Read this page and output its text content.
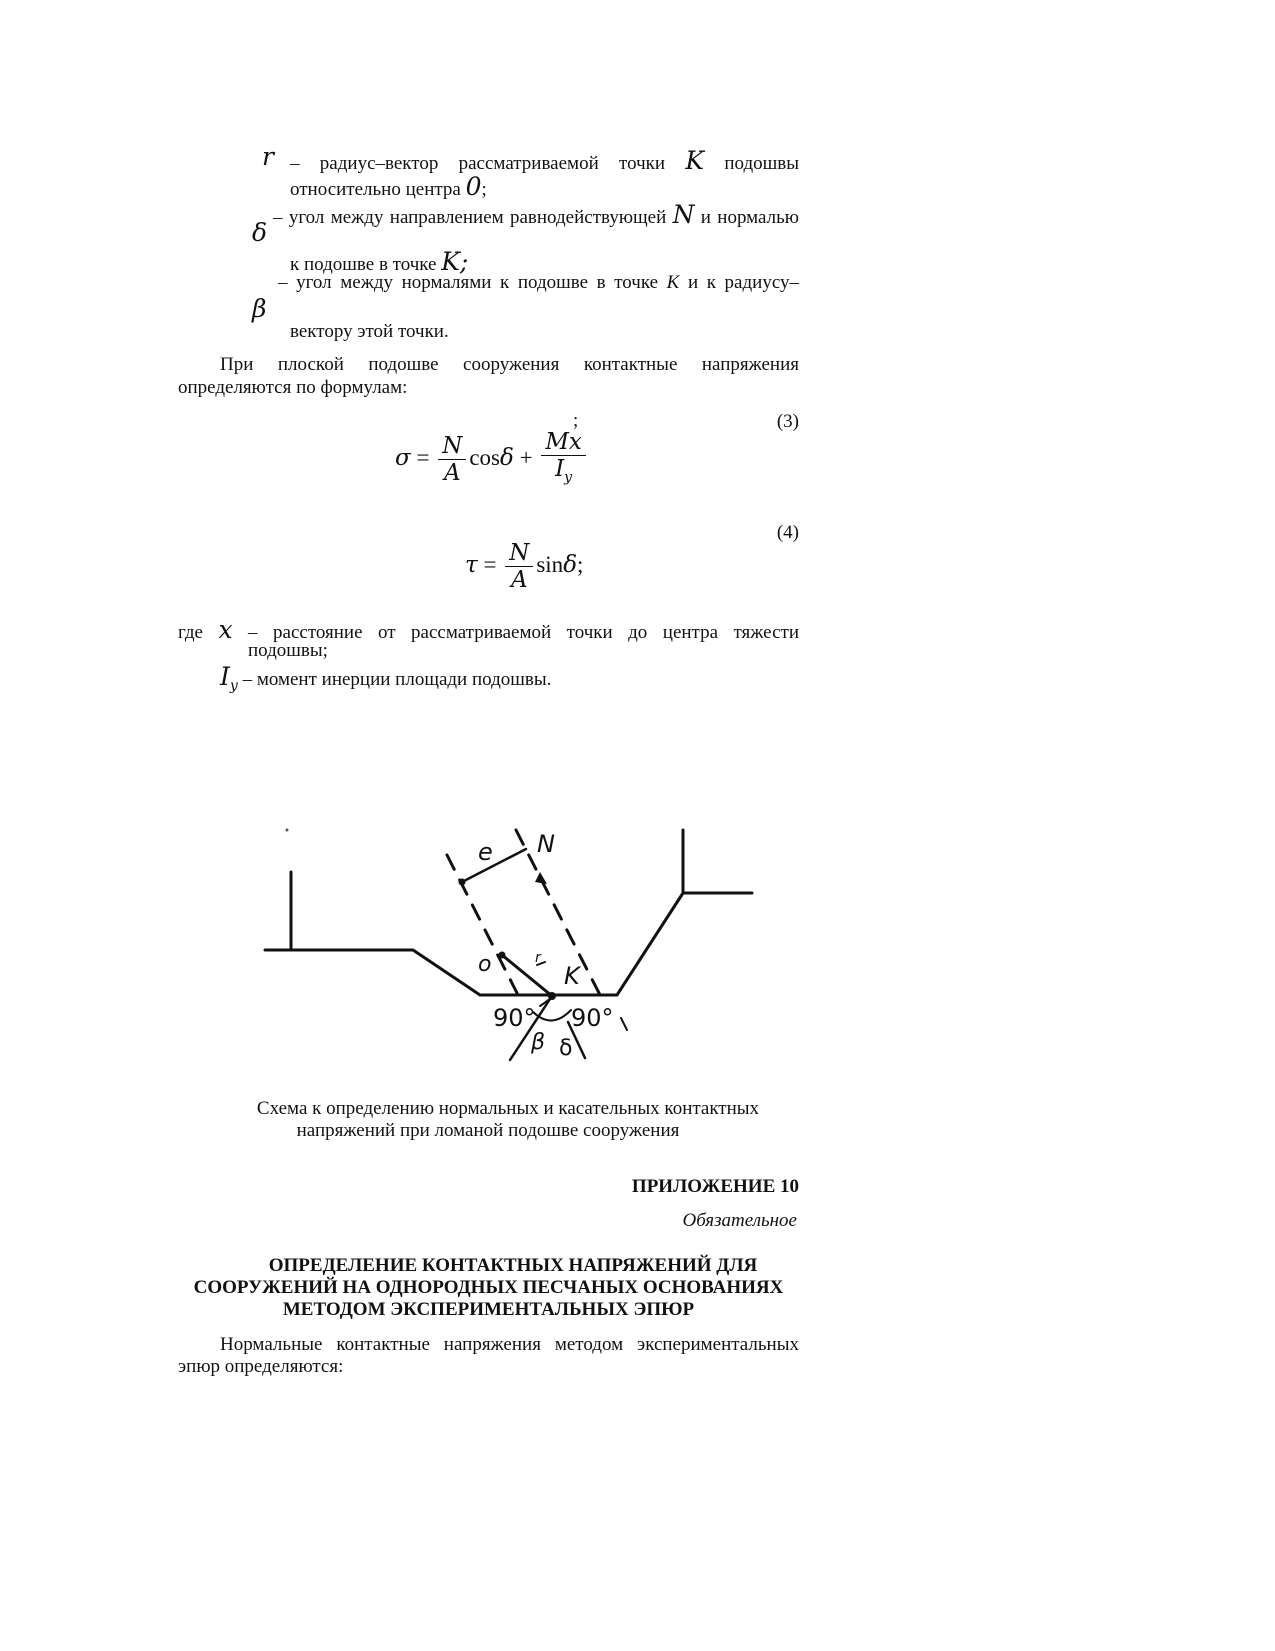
r – радиус–вектор рассматриваемой точки K подошвы
относительно центра 0;
δ
– угол между направлением равнодействующей N и нормалью
к подошве в точке K;
β
– угол между нормалями к подошве в точке K и к радиусу–
вектору этой точки.
При плоской подошве сооружения контактные напряжения
определяются по формулам:
;	(3)
$\sigma = \frac{N}{A}$ $\cos\delta + \frac{Mx}{I_y}$
(4)
$\tau = \frac{N}{A} \sin\delta$;
где x – расстояние от рассматриваемой точки до центра тяжести
подошвы;
$I_y$ – момент инерции площади подошвы.
e N
o	r
K
90° 90°
β δ
Схема к определению нормальных и касательных контактных
напряжений при ломаной подошве сооружения
ПРИЛОЖЕНИЕ 10
Обязательное
ОПРЕДЕЛЕНИЕ КОНТАКТНЫХ НАПРЯЖЕНИЙ ДЛЯ
СООРУЖЕНИЙ НА ОДНОРОДНЫХ ПЕСЧАНЫХ ОСНОВАНИЯХ
МЕТОДОМ ЭКСПЕРИМЕНТАЛЬНЫХ ЭПЮР
Нормальные контактные напряжения методом экспериментальных
эпюр определяются:
